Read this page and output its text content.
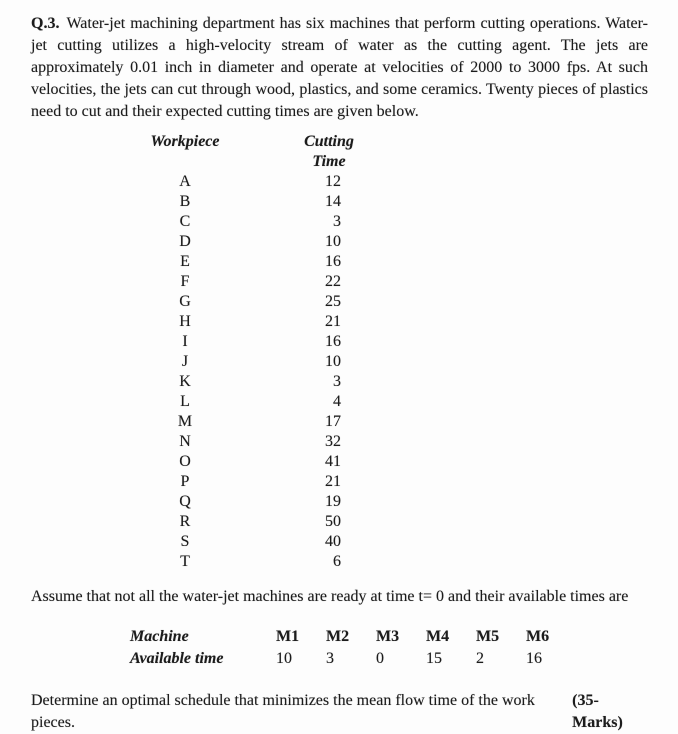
Q.3. Water-jet machining department has six machines that perform cutting operations. Water-jet cutting utilizes a high-velocity stream of water as the cutting agent. The jets are approximately 0.01 inch in diameter and operate at velocities of 2000 to 3000 fps. At such velocities, the jets can cut through wood, plastics, and some ceramics. Twenty pieces of plastics need to cut and their expected cutting times are given below.

Workpiece	Cutting Time
A	12
B	14
C	3
D	10
E	16
F	22
G	25
H	21
I	16
J	10
K	3
L	4
M	17
N	32
O	41
P	21
Q	19
R	50
S	40
T	6

Assume that not all the water-jet machines are ready at time t= 0 and their available times are

Machine	M1	M2	M3	M4	M5	M6
Available time	10	3	0	15	2	16

Determine an optimal schedule that minimizes the mean flow time of the work pieces.
(35-Marks)
